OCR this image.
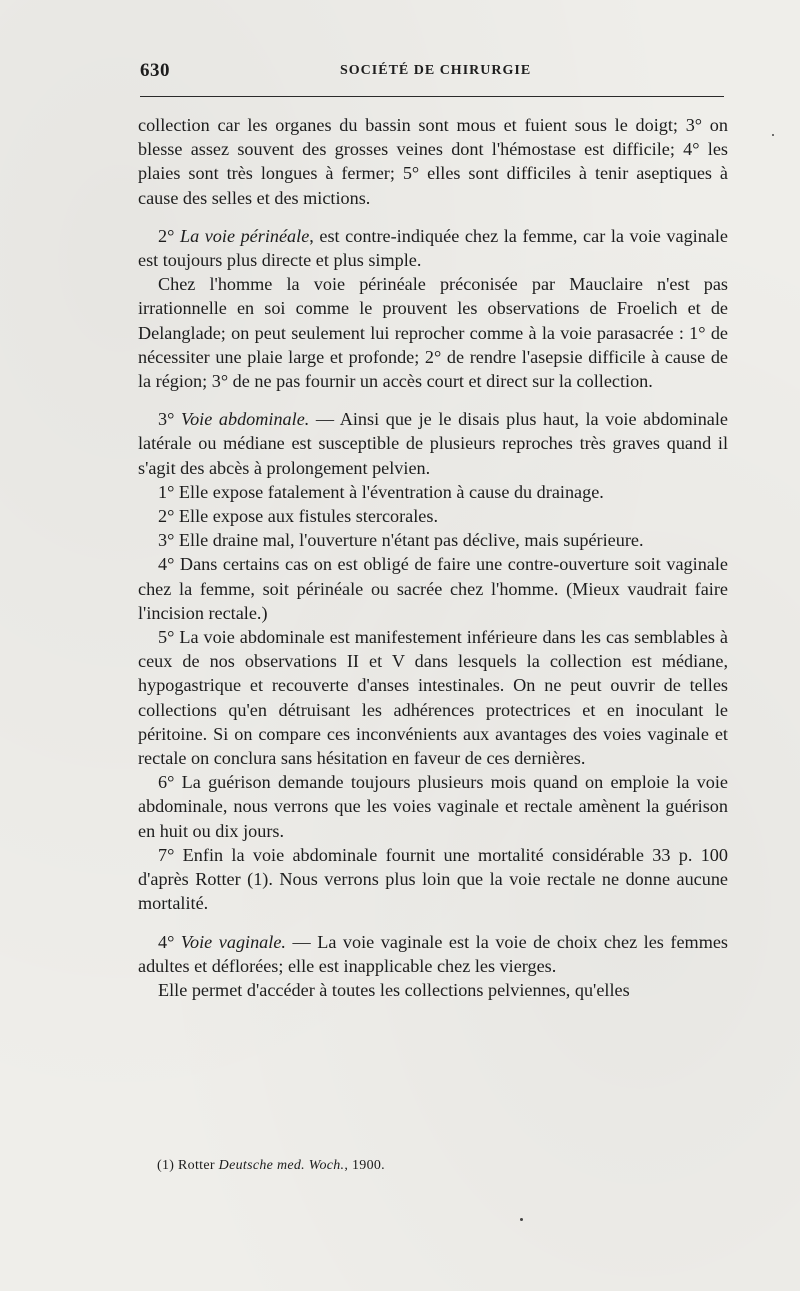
630	SOCIÉTÉ DE CHIRURGIE

collection car les organes du bassin sont mous et fuient sous le doigt; 3° on blesse assez souvent des grosses veines dont l'hémostase est difficile; 4° les plaies sont très longues à fermer; 5° elles sont difficiles à tenir aseptiques à cause des selles et des mictions.

2° La voie périnéale, est contre-indiquée chez la femme, car la voie vaginale est toujours plus directe et plus simple.

Chez l'homme la voie périnéale préconisée par Mauclaire n'est pas irrationnelle en soi comme le prouvent les observations de Froelich et de Delanglade; on peut seulement lui reprocher comme à la voie parasacrée : 1° de nécessiter une plaie large et profonde; 2° de rendre l'asepsie difficile à cause de la région; 3° de ne pas fournir un accès court et direct sur la collection.

3° Voie abdominale. — Ainsi que je le disais plus haut, la voie abdominale latérale ou médiane est susceptible de plusieurs reproches très graves quand il s'agit des abcès à prolongement pelvien.

1° Elle expose fatalement à l'éventration à cause du drainage.

2° Elle expose aux fistules stercorales.

3° Elle draine mal, l'ouverture n'étant pas déclive, mais supérieure.

4° Dans certains cas on est obligé de faire une contre-ouverture soit vaginale chez la femme, soit périnéale ou sacrée chez l'homme. (Mieux vaudrait faire l'incision rectale.)

5° La voie abdominale est manifestement inférieure dans les cas semblables à ceux de nos observations II et V dans lesquels la collection est médiane, hypogastrique et recouverte d'anses intestinales. On ne peut ouvrir de telles collections qu'en détruisant les adhérences protectrices et en inoculant le péritoine. Si on compare ces inconvénients aux avantages des voies vaginale et rectale on conclura sans hésitation en faveur de ces dernières.

6° La guérison demande toujours plusieurs mois quand on emploie la voie abdominale, nous verrons que les voies vaginale et rectale amènent la guérison en huit ou dix jours.

7° Enfin la voie abdominale fournit une mortalité considérable 33 p. 100 d'après Rotter (1). Nous verrons plus loin que la voie rectale ne donne aucune mortalité.

4° Voie vaginale. — La voie vaginale est la voie de choix chez les femmes adultes et déflorées; elle est inapplicable chez les vierges.

Elle permet d'accéder à toutes les collections pelviennes, qu'elles

(1) Rotter Deutsche med. Woch., 1900.
